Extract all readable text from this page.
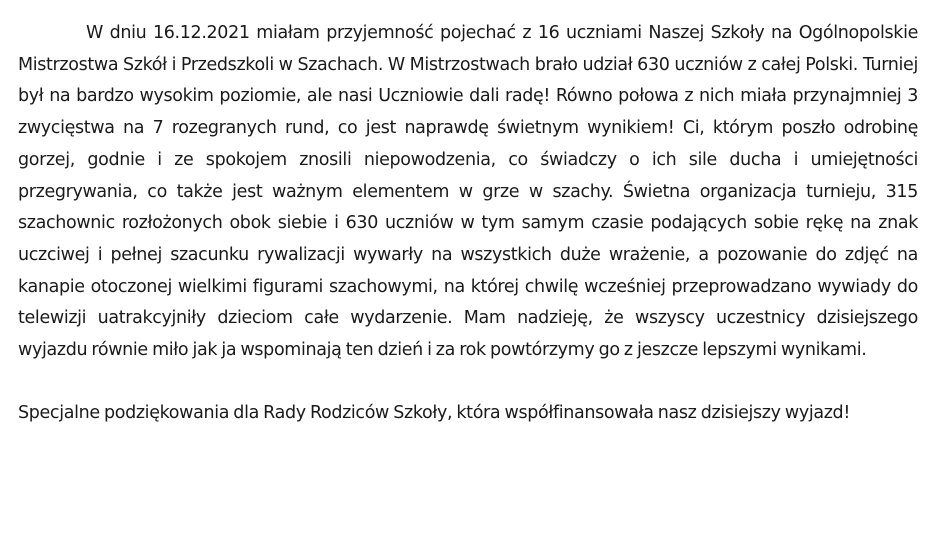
W dniu 16.12.2021 miałam przyjemność pojechać z 16 uczniami Naszej Szkoły na Ogólnopolskie Mistrzostwa Szkół i Przedszkoli w Szachach. W Mistrzostwach brało udział 630 uczniów z całej Polski. Turniej był na bardzo wysokim poziomie, ale nasi Uczniowie dali radę! Równo połowa z nich miała przynajmniej 3 zwycięstwa na 7 rozegranych rund, co jest naprawdę świetnym wynikiem! Ci, którym poszło odrobinę gorzej, godnie i ze spokojem znosili niepowodzenia, co świadczy o ich sile ducha i umiejętności przegrywania, co także jest ważnym elementem w grze w szachy. Świetna organizacja turnieju, 315 szachownic rozłożonych obok siebie i 630 uczniów w tym samym czasie podających sobie rękę na znak uczciwej i pełnej szacunku rywalizacji wywarły na wszystkich duże wrażenie, a pozowanie do zdjęć na kanapie otoczonej wielkimi figurami szachowymi, na której chwilę wcześniej przeprowadzano wywiady do telewizji uatrakcyjniły dzieciom całe wydarzenie. Mam nadzieję, że wszyscy uczestnicy dzisiejszego wyjazdu równie miło jak ja wspominają ten dzień i za rok powtórzymy go z jeszcze lepszymi wynikami.

Specjalne podziękowania dla Rady Rodziców Szkoły, która współfinansowała nasz dzisiejszy wyjazd!
